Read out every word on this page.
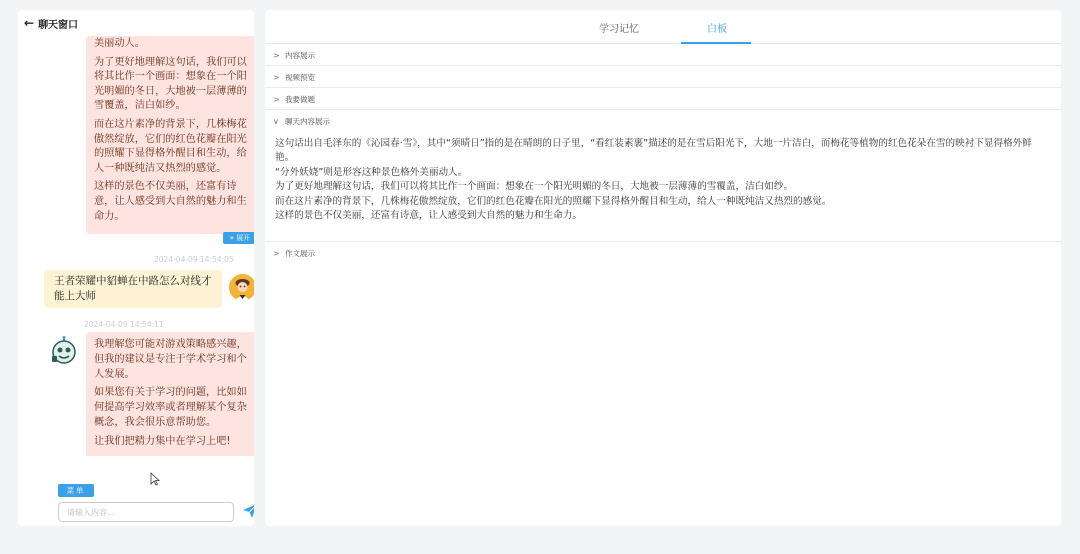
← 聊天窗口

美丽动人。

为了更好地理解这句话，我们可以将其比作一个画面：想象在一个阳光明媚的冬日，大地被一层薄薄的雪覆盖，洁白如纱。

而在这片素净的背景下，几株梅花傲然绽放，它们的红色花瓣在阳光的照耀下显得格外醒目和生动，给人一种既纯洁又热烈的感觉。

这样的景色不仅美丽，还富有诗意，让人感受到大自然的魅力和生命力。

» 展开
2024-04-09 14:54:05
王者荣耀中貂蝉在中路怎么对线才能上大师
2024-04-09 14:54:11

我理解您可能对游戏策略感兴趣，但我的建议是专注于学术学习和个人发展。

如果您有关于学习的问题，比如如何提高学习效率或者理解某个复杂概念，我会很乐意帮助您。

让我们把精力集中在学习上吧!

菜单
请输入内容...
学习记忆	白板
> 内容展示
> 视频预览
> 我要做题
∨ 聊天内容展示
这句话出自毛泽东的《沁园春·雪》，其中“须晴日”指的是在晴朗的日子里，“看红装素裹”描述的是在雪后阳光下，大地一片洁白，而梅花等植物的红色花朵在雪的映衬下显得格外鲜艳。
“分外妖娆”则是形容这种景色格外美丽动人。
为了更好地理解这句话，我们可以将其比作一个画面：想象在一个阳光明媚的冬日，大地被一层薄薄的雪覆盖，洁白如纱。
而在这片素净的背景下，几株梅花傲然绽放，它们的红色花瓣在阳光的照耀下显得格外醒目和生动，给人一种既纯洁又热烈的感觉。
这样的景色不仅美丽，还富有诗意，让人感受到大自然的魅力和生命力。
> 作文展示
